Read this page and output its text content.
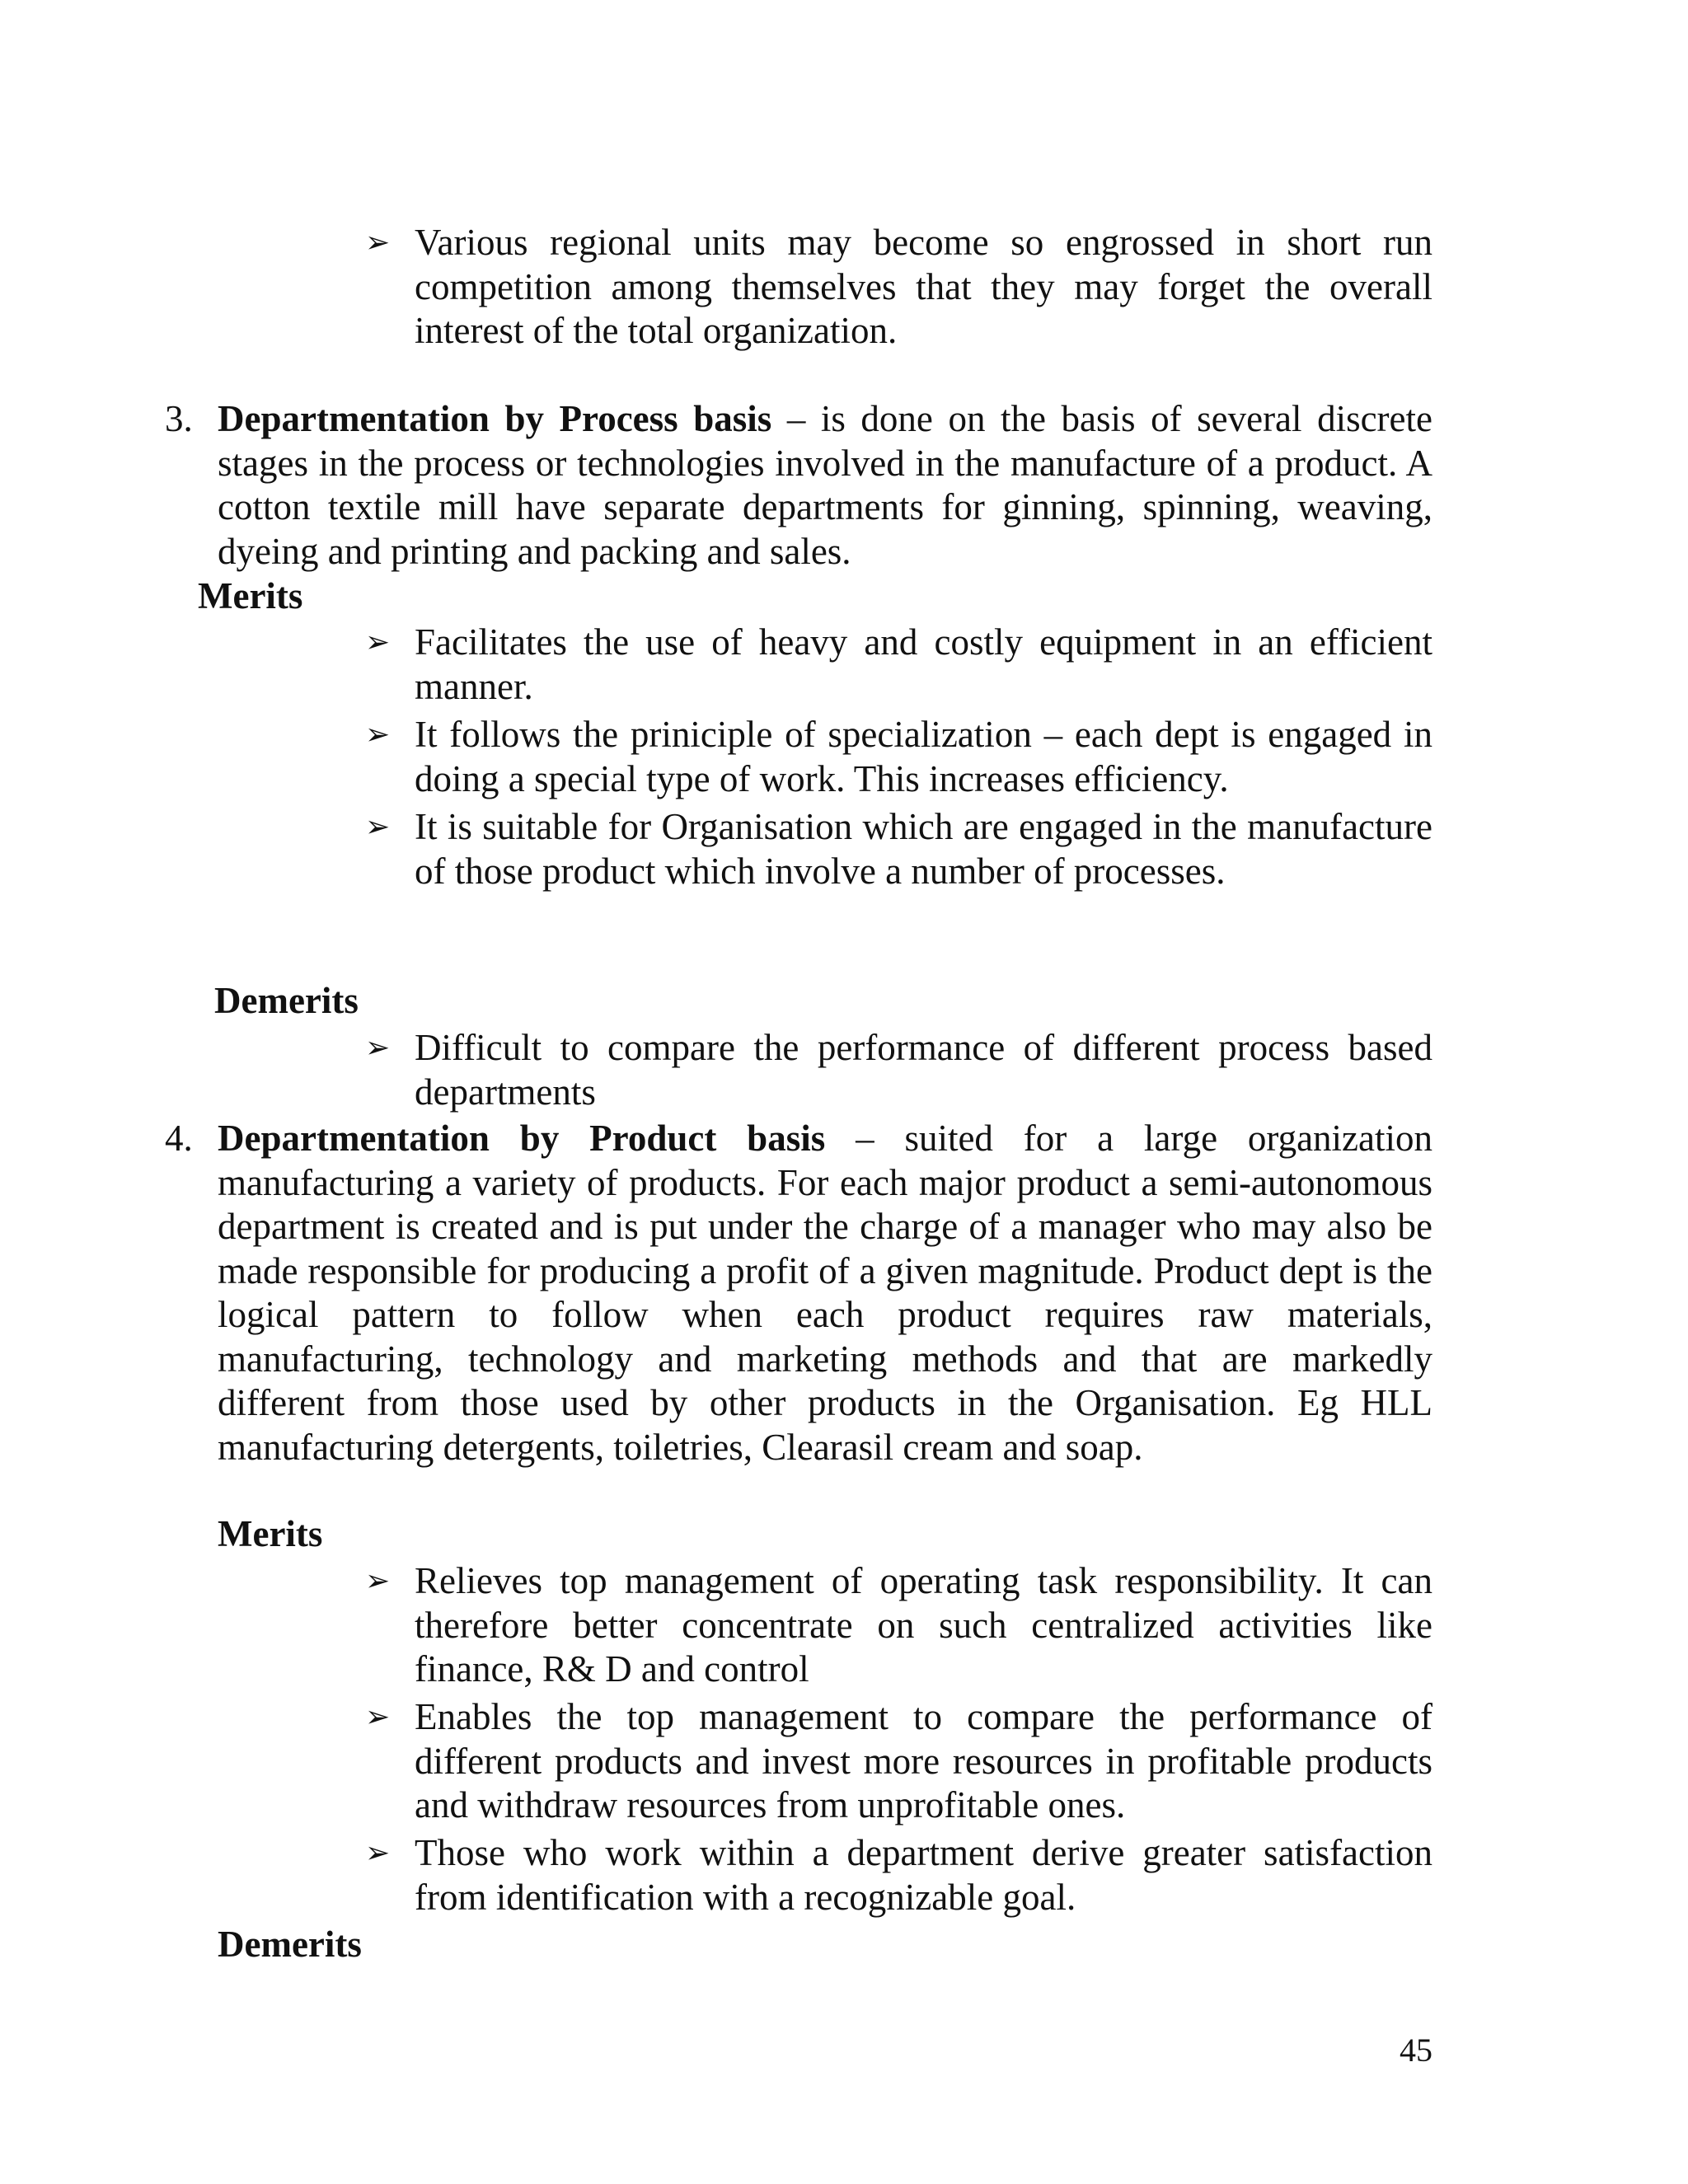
➢ Various regional units may become so engrossed in short run competition among themselves that they may forget the overall interest of the total organization.
3. Departmentation by Process basis – is done on the basis of several discrete stages in the process or technologies involved in the manufacture of a product. A cotton textile mill have separate departments for ginning, spinning, weaving, dyeing and printing and packing and sales.
Merits
➢ Facilitates the use of heavy and costly equipment in an efficient manner.
➢ It follows the priniciple of specialization – each dept is engaged in doing a special type of work. This increases efficiency.
➢ It is suitable for Organisation which are engaged in the manufacture of those product which involve a number of processes.
Demerits
➢ Difficult to compare the performance of different process based departments
4. Departmentation by Product basis – suited for a large organization manufacturing a variety of products. For each major product a semi-autonomous department is created and is put under the charge of a manager who may also be made responsible for producing a profit of a given magnitude. Product dept is the logical pattern to follow when each product requires raw materials, manufacturing, technology and marketing methods and that are markedly different from those used by other products in the Organisation. Eg HLL manufacturing detergents, toiletries, Clearasil cream and soap.
Merits
➢ Relieves top management of operating task responsibility. It can therefore better concentrate on such centralized activities like finance, R& D and control
➢ Enables the top management to compare the performance of different products and invest more resources in profitable products and withdraw resources from unprofitable ones.
➢ Those who work within a department derive greater satisfaction from identification with a recognizable goal.
Demerits
45
